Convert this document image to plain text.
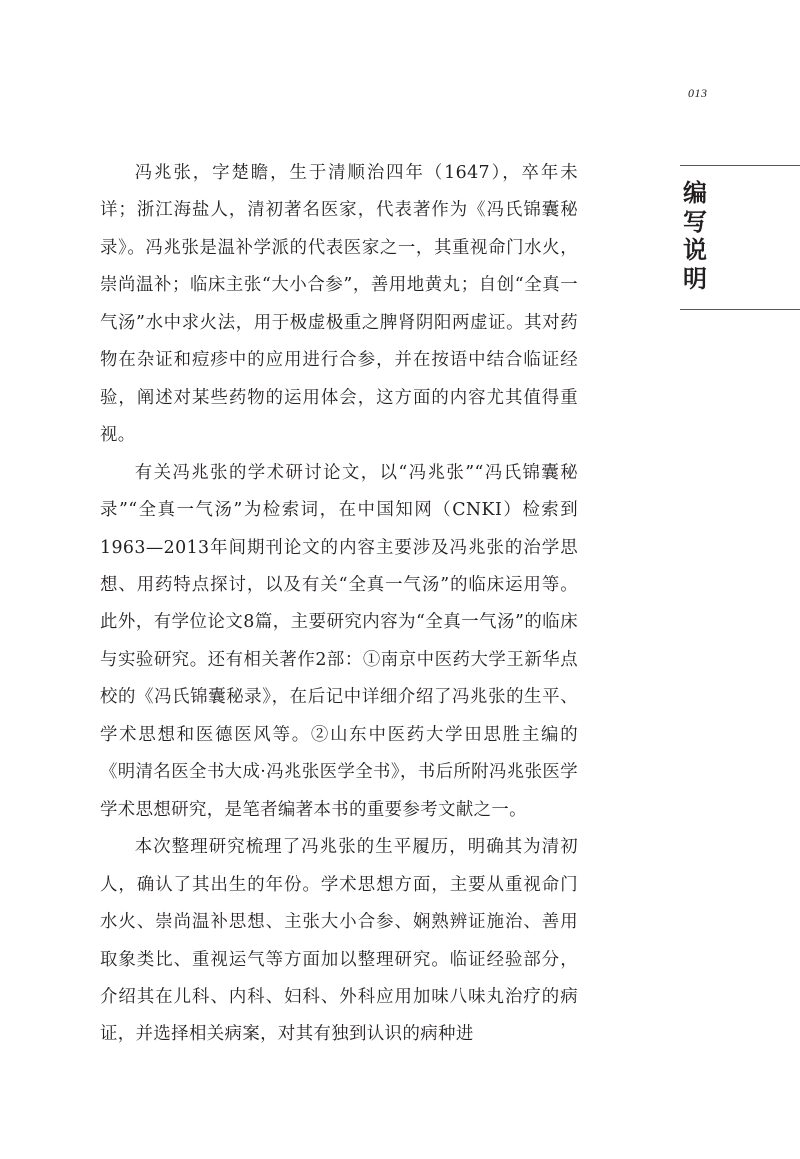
013
编
写
说
明

冯兆张，字楚瞻，生于清顺治四年（1647），卒年未详；浙江海盐人，清初著名医家，代表著作为《冯氏锦囊秘录》。冯兆张是温补学派的代表医家之一，其重视命门水火，崇尚温补；临床主张“大小合参”，善用地黄丸；自创“全真一气汤”水中求火法，用于极虚极重之脾肾阴阳两虚证。其对药物在杂证和痘疹中的应用进行合参，并在按语中结合临证经验，阐述对某些药物的运用体会，这方面的内容尤其值得重视。

有关冯兆张的学术研讨论文，以“冯兆张”“冯氏锦囊秘录”“全真一气汤”为检索词，在中国知网（CNKI）检索到1963—2013年间期刊论文的内容主要涉及冯兆张的治学思想、用药特点探讨，以及有关“全真一气汤”的临床运用等。此外，有学位论文8篇，主要研究内容为“全真一气汤”的临床与实验研究。还有相关著作2部：①南京中医药大学王新华点校的《冯氏锦囊秘录》，在后记中详细介绍了冯兆张的生平、学术思想和医德医风等。②山东中医药大学田思胜主编的《明清名医全书大成·冯兆张医学全书》，书后所附冯兆张医学学术思想研究，是笔者编著本书的重要参考文献之一。

本次整理研究梳理了冯兆张的生平履历，明确其为清初人，确认了其出生的年份。学术思想方面，主要从重视命门水火、崇尚温补思想、主张大小合参、娴熟辨证施治、善用取象类比、重视运气等方面加以整理研究。临证经验部分，介绍其在儿科、内科、妇科、外科应用加味八味丸治疗的病证，并选择相关病案，对其有独到认识的病种进
